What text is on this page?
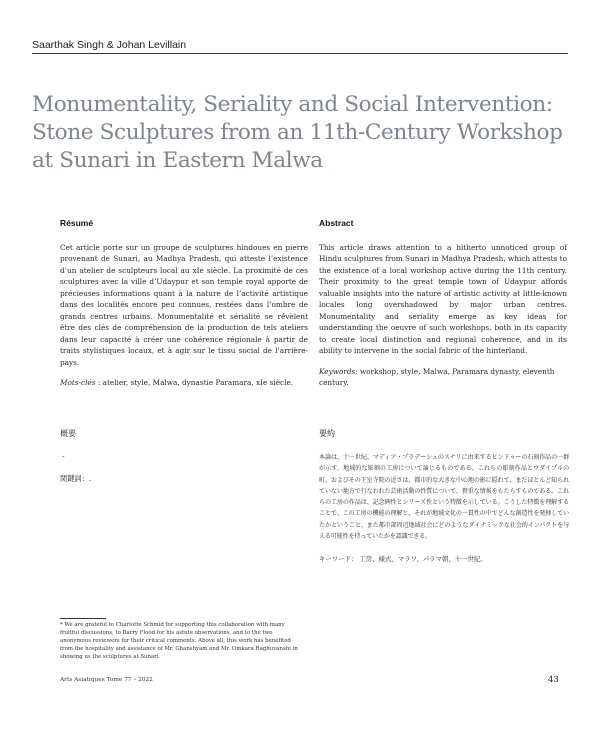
Saarthak Singh & Johan Levillain
Monumentality, Seriality and Social Intervention: Stone Sculptures from an 11th-Century Workshop at Sunari in Eastern Malwa
Résumé

Cet article porte sur un groupe de sculptures hindoues en pierre provenant de Sunari, au Madhya Pradesh, qui atteste l’existence d’un atelier de sculpteurs local au xIe siècle. La proximité de ces sculptures avec la ville d’Udaypur et son temple royal apporte de précieuses informations quant à la nature de l’activité artistique dans des localités encore peu connues, restées dans l’ombre de grands centres urbains. Monumentalité et sérialité se révèlent être des clés de compréhension de la production de tels ateliers dans leur capacité à créer une cohérence régionale à partir de traits stylistiques locaux, et à agir sur le tissu social de l’arrière-pays.

Mots-clés : atelier, style, Malwa, dynastie Paramara, xIe siècle.

Abstract

This article draws attention to a hitherto unnoticed group of Hindu sculptures from Sunari in Madhya Pradesh, which attests to the existence of a local workshop active during the 11th century. Their proximity to the great temple town of Udaypur affords valuable insights into the nature of artistic activity at little-known locales long overshadowed by major urban centres. Monumentality and seriality emerge as key ideas for understanding the oeuvre of such workshops, both in its capacity to create local distinction and regional coherence, and in its ability to intervene in the social fabric of the hinterland.

Keywords: workshop, style, Malwa, Paramara dynasty, eleventh century.

概要
-
関鍵詞：.
要約

本論は、十一世紀、マディア・プラデーシュのスナリに由来するヒンドゥーの石刻作品の一群が示す、地域的な彫刻の工房について論じるものである。これらの彫刻作品とウダイプルの町、およびその王室寺院の近さは、都市的な大きな中心地の影に隠れて、まだほとんど知られていない地方で行なわれた芸術活動の性質について、貴重な情報をもたらすものである。これらの工房の作品は、記念碑性とシリーズ性という特徴を示している。こうした特徴を理解することで、この工房の機能の理解と、それが地域文化の一貫性の中でどんな創造性を発揮していたかということ、また都市部周辺地域社会にどのようなダイナミックな社会的インパクトを与える可能性を持っていたかを認識できる。

キーワード： 工房、様式、マラワ、パラマ朝、十一世紀。

* We are grateful to Charlotte Schmid for supporting this collaboration with many fruitful discussions, to Barry Flood for his astute observations, and to the two anonymous reviewers for their critical comments. Above all, this work has benefited from the hospitality and assistance of Mr. Ghanshyam and Mr. Omkara Raghuvanshi in showing us the sculptures at Sunari.

Arts Asiatiques Tome 77 – 2022	43
